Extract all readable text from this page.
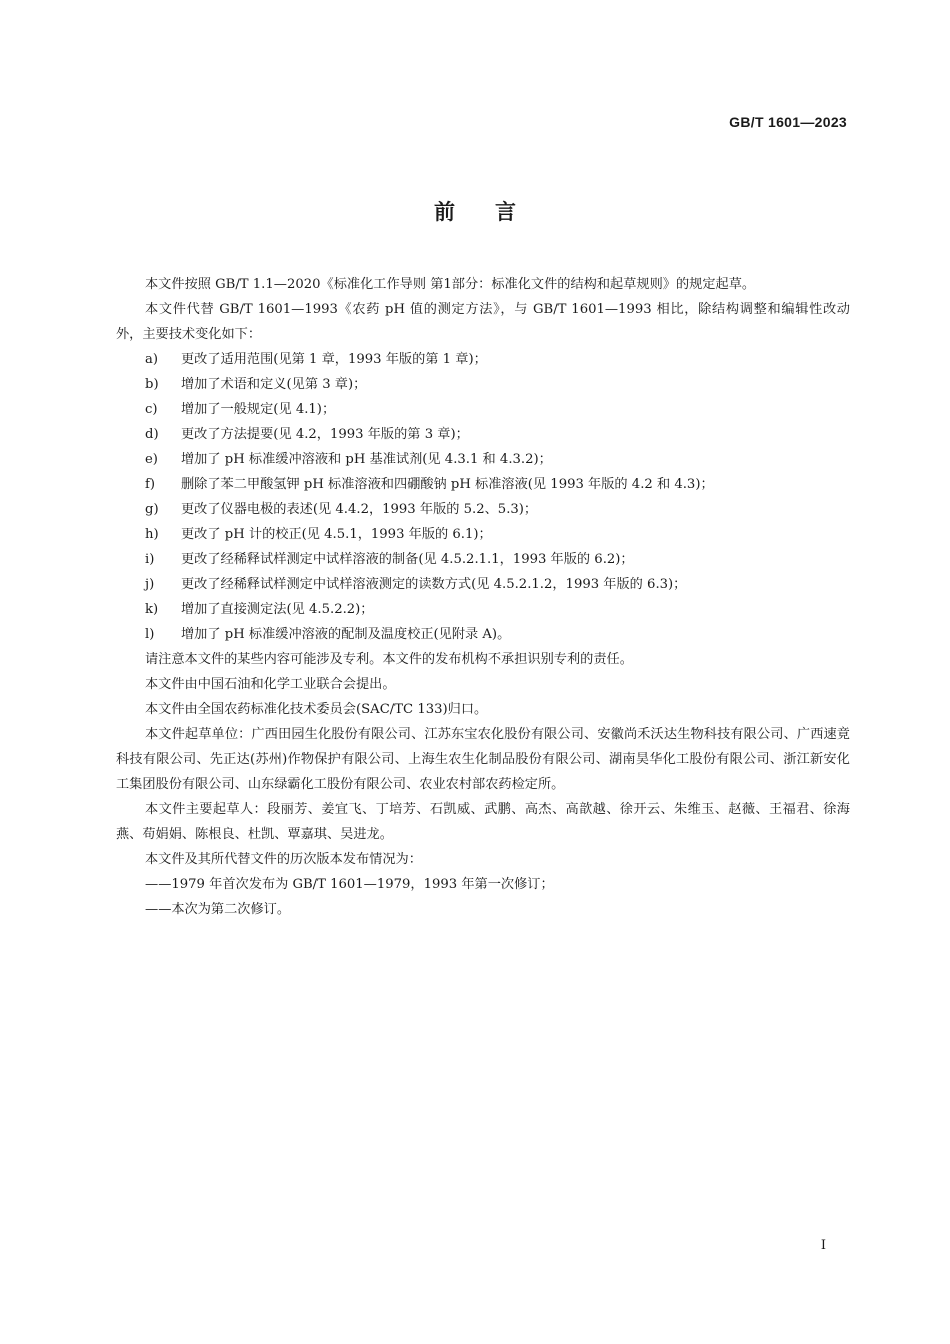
GB/T 1601—2023
前言

本文件按照 GB/T 1.1—2020《标准化工作导则 第1部分：标准化文件的结构和起草规则》的规定起草。

本文件代替 GB/T 1601—1993《农药 pH 值的测定方法》，与 GB/T 1601—1993 相比，除结构调整和编辑性改动外，主要技术变化如下：

a) 更改了适用范围(见第 1 章，1993 年版的第 1 章)；

b) 增加了术语和定义(见第 3 章)；

c) 增加了一般规定(见 4.1)；

d) 更改了方法提要(见 4.2，1993 年版的第 3 章)；

e) 增加了 pH 标准缓冲溶液和 pH 基准试剂(见 4.3.1 和 4.3.2)；

f) 删除了苯二甲酸氢钾 pH 标准溶液和四硼酸钠 pH 标准溶液(见 1993 年版的 4.2 和 4.3)；

g) 更改了仪器电极的表述(见 4.4.2，1993 年版的 5.2、5.3)；

h) 更改了 pH 计的校正(见 4.5.1，1993 年版的 6.1)；

i) 更改了经稀释试样测定中试样溶液的制备(见 4.5.2.1.1，1993 年版的 6.2)；

j) 更改了经稀释试样测定中试样溶液测定的读数方式(见 4.5.2.1.2，1993 年版的 6.3)；

k) 增加了直接测定法(见 4.5.2.2)；

l) 增加了 pH 标准缓冲溶液的配制及温度校正(见附录 A)。

请注意本文件的某些内容可能涉及专利。本文件的发布机构不承担识别专利的责任。

本文件由中国石油和化学工业联合会提出。

本文件由全国农药标准化技术委员会(SAC/TC 133)归口。

本文件起草单位：广西田园生化股份有限公司、江苏东宝农化股份有限公司、安徽尚禾沃达生物科技有限公司、广西速竟科技有限公司、先正达(苏州)作物保护有限公司、上海生农生化制品股份有限公司、湖南昊华化工股份有限公司、浙江新安化工集团股份有限公司、山东绿霸化工股份有限公司、农业农村部农药检定所。

本文件主要起草人：段丽芳、姜宜飞、丁培芳、石凯威、武鹏、高杰、高歆越、徐开云、朱维玉、赵薇、王福君、徐海燕、苟娟娟、陈根良、杜凯、覃嘉琪、吴进龙。

本文件及其所代替文件的历次版本发布情况为：

——1979 年首次发布为 GB/T 1601—1979，1993 年第一次修订；

——本次为第二次修订。

I
